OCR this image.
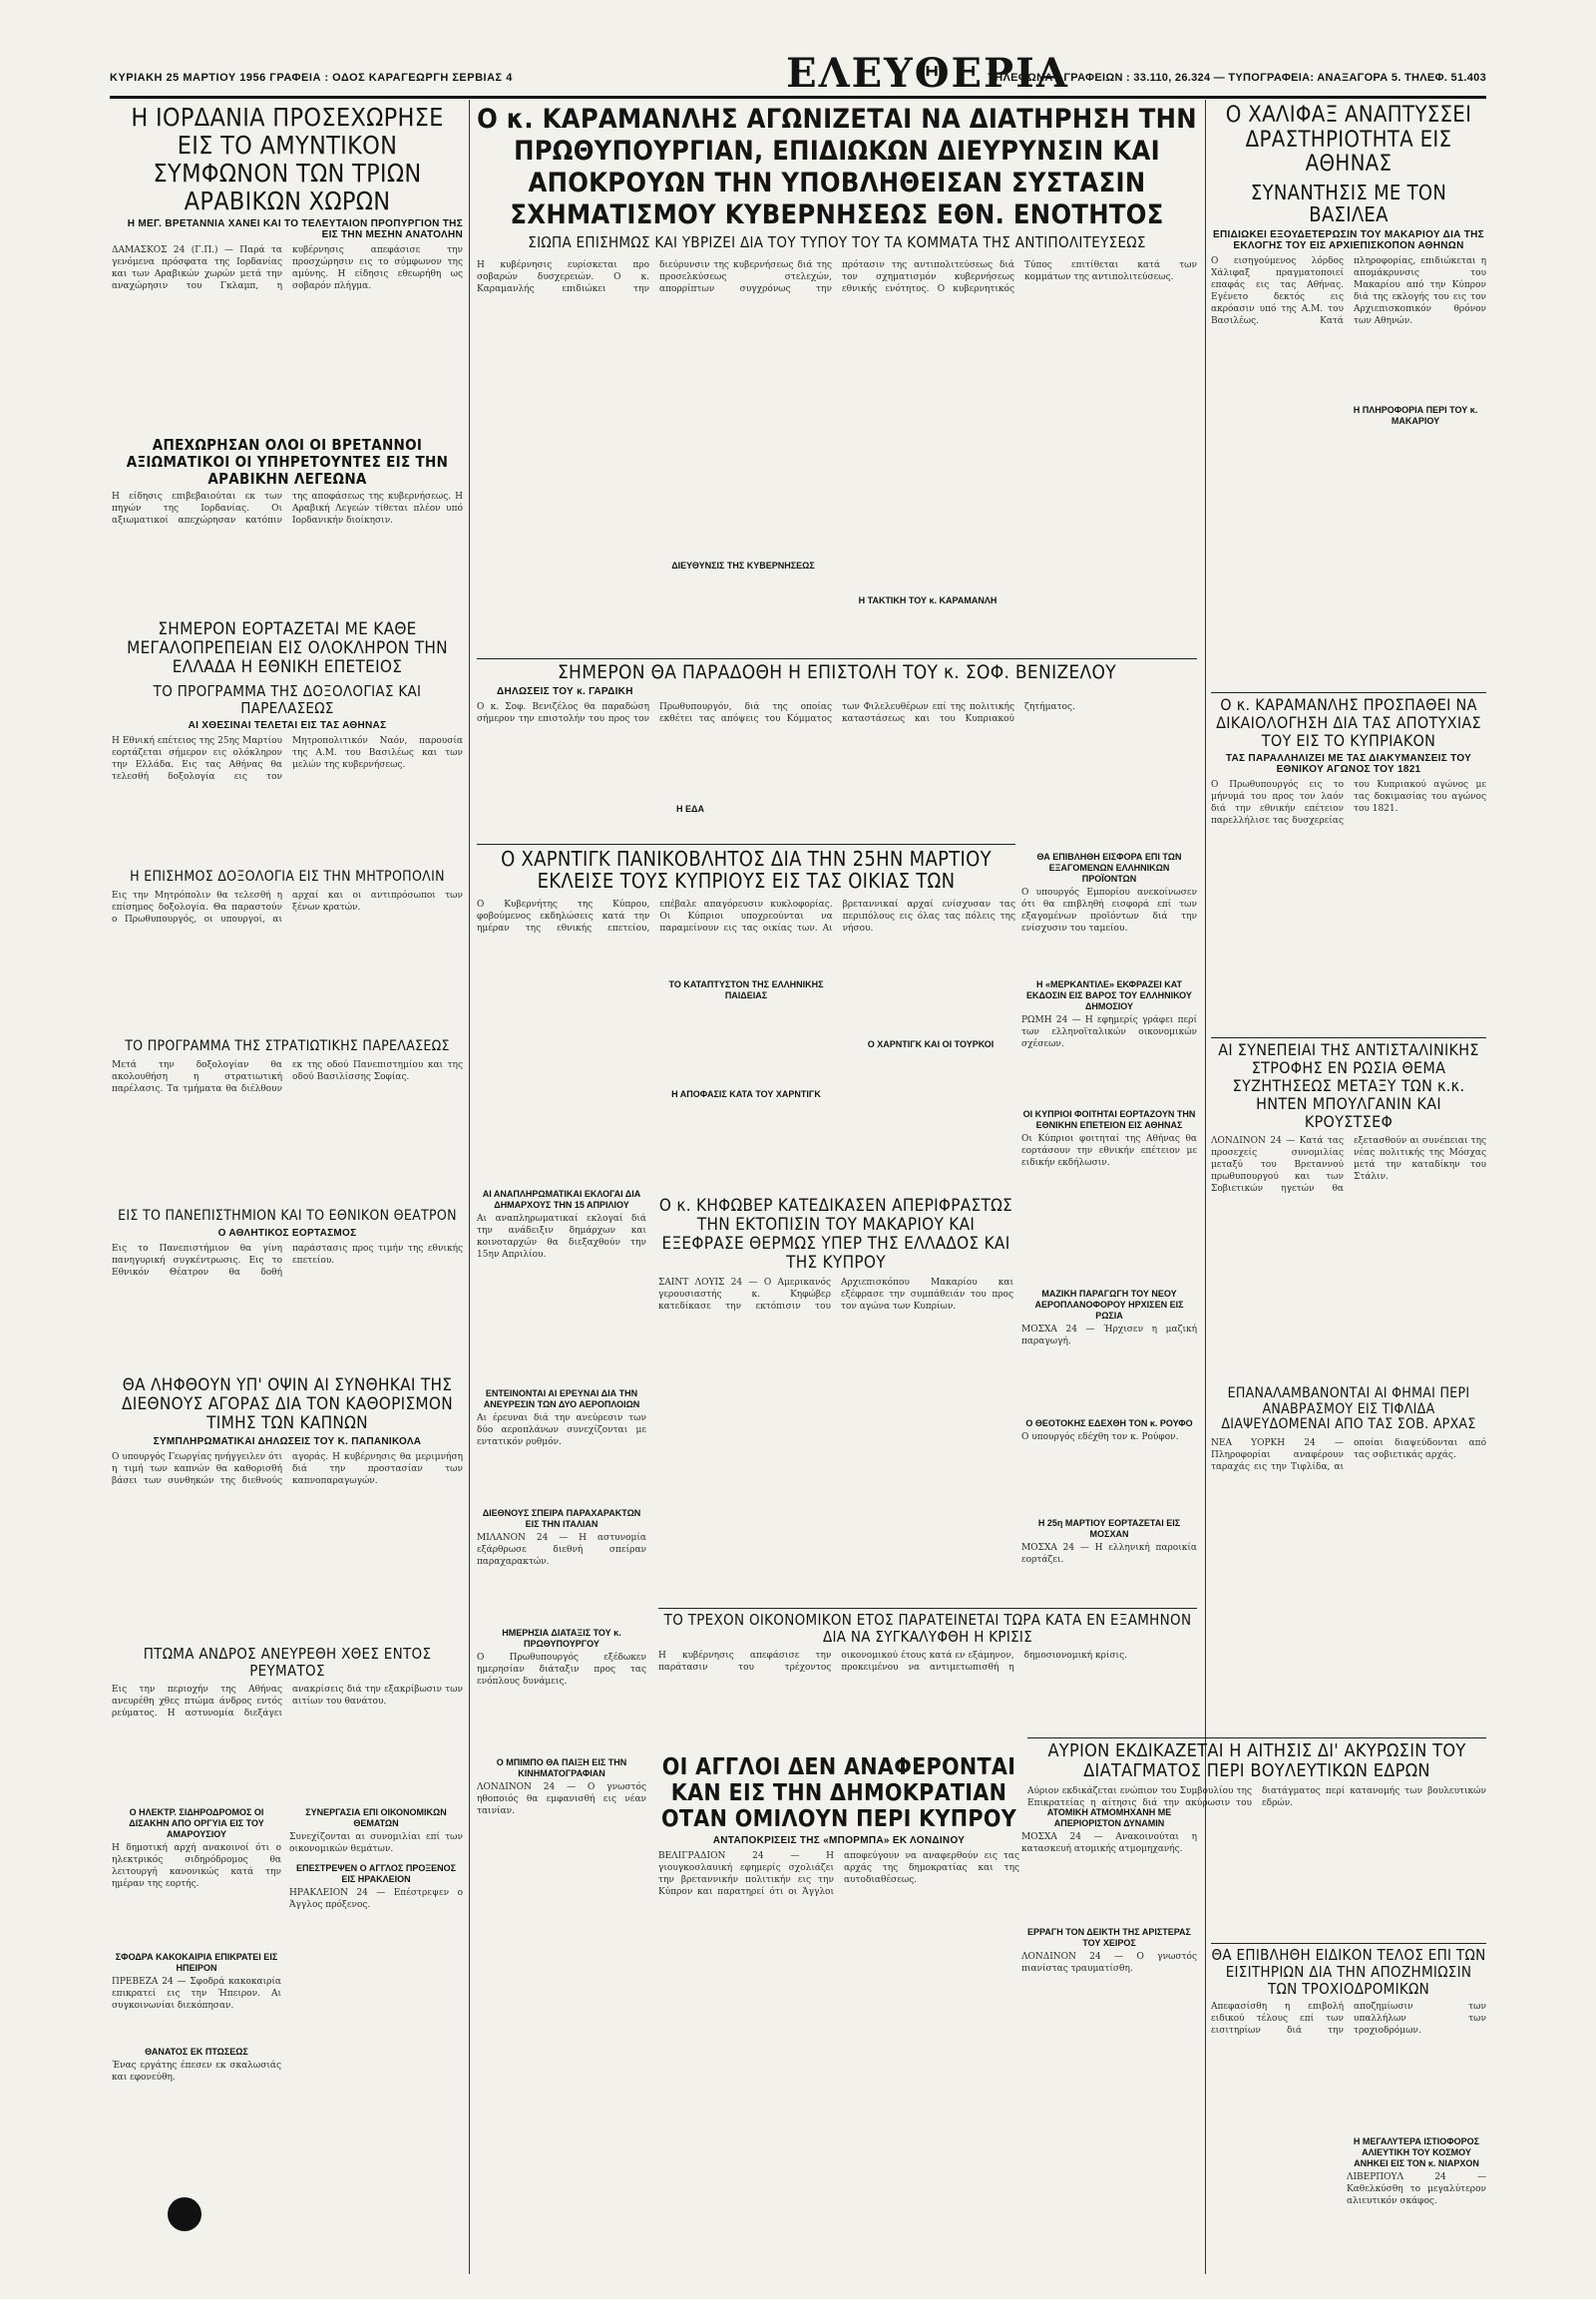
ΚΥΡΙΑΚΗ 25 ΜΑΡΤΙΟΥ 1956 ΓΡΑΦΕΙΑ : ΟΔΟΣ ΚΑΡΑΓΕΩΡΓΗ ΣΕΡΒΙΑΣ 4	ΕΛΕΥΘΕΡΙΑ
ΤΗΛΕΦΩΝΑ : ΓΡΑΦΕΙΩΝ : 33.110, 26.324 — ΤΥΠΟΓΡΑΦΕΙΑ: ΑΝΑΞΑΓΟΡΑ 5. ΤΗΛΕΦ. 51.403
Η ΙΟΡΔΑΝΙΑ ΠΡΟΣΕΧΩΡΗΣΕ ΕΙΣ ΤΟ ΑΜΥΝΤΙΚΟΝ ΣΥΜΦΩΝΟΝ ΤΩΝ ΤΡΙΩΝ ΑΡΑΒΙΚΩΝ ΧΩΡΩΝ
Η ΜΕΓ. ΒΡΕΤΑΝΝΙΑ ΧΑΝΕΙ ΚΑΙ ΤΟ ΤΕΛΕΥΤΑΙΟΝ ΠΡΟΠΥΡΓΙΟΝ ΤΗΣ ΕΙΣ ΤΗΝ ΜΕΣΗΝ ΑΝΑΤΟΛΗΝ

ΔΑΜΑΣΚΟΣ 24 (Γ.Π.) — Παρά τα γενόμενα πρόσφατα της Ιορδανίας και των Αραβικών χωρών μετά την αναχώρησιν του Γκλαμπ, η κυβέρνησις απεφάσισε την προσχώρησιν εις το σύμφωνον της αμύνης. Η είδησις εθεωρήθη ως σοβαρόν πλήγμα.

ΑΠΕΧΩΡΗΣΑΝ ΟΛΟΙ ΟΙ ΒΡΕΤΑΝΝΟΙ ΑΞΙΩΜΑΤΙΚΟΙ ΟΙ ΥΠΗΡΕΤΟΥΝΤΕΣ ΕΙΣ ΤΗΝ ΑΡΑΒΙΚΗΝ ΛΕΓΕΩΝΑ

Η είδησις επιβεβαιούται εκ των πηγών της Ιορδανίας. Οι αξιωματικοί απεχώρησαν κατόπιν της αποφάσεως της κυβερνήσεως. Η Αραβική Λεγεών τίθεται πλέον υπό Ιορδανικήν διοίκησιν.

ΣΗΜΕΡΟΝ ΕΟΡΤΑΖΕΤΑΙ ΜΕ ΚΑΘΕ ΜΕΓΑΛΟΠΡΕΠΕΙΑΝ ΕΙΣ ΟΛΟΚΛΗΡΟΝ ΤΗΝ ΕΛΛΑΔΑ Η ΕΘΝΙΚΗ ΕΠΕΤΕΙΟΣ
ΤΟ ΠΡΟΓΡΑΜΜΑ ΤΗΣ ΔΟΞΟΛΟΓΙΑΣ ΚΑΙ ΠΑΡΕΛΑΣΕΩΣ
ΑΙ ΧΘΕΣΙΝΑΙ ΤΕΛΕΤΑΙ ΕΙΣ ΤΑΣ ΑΘΗΝΑΣ

Η Εθνική επέτειος της 25ης Μαρτίου εορτάζεται σήμερον εις ολόκληρον την Ελλάδα. Εις τας Αθήνας θα τελεσθή δοξολογία εις τον Μητροπολιτικόν Ναόν, παρουσία της Α.Μ. του Βασιλέως και των μελών της κυβερνήσεως.

Η ΕΠΙΣΗΜΟΣ ΔΟΞΟΛΟΓΙΑ ΕΙΣ ΤΗΝ ΜΗΤΡΟΠΟΛΙΝ

Εις την Μητρόπολιν θα τελεσθή η επίσημος δοξολογία. Θα παραστούν ο Πρωθυπουργός, οι υπουργοί, αι αρχαί και οι αντιπρόσωποι των ξένων κρατών.

ΤΟ ΠΡΟΓΡΑΜΜΑ ΤΗΣ ΣΤΡΑΤΙΩΤΙΚΗΣ ΠΑΡΕΛΑΣΕΩΣ

Μετά την δοξολογίαν θα ακολουθήση η στρατιωτική παρέλασις. Τα τμήματα θα διέλθουν εκ της οδού Πανεπιστημίου και της οδού Βασιλίσσης Σοφίας.

ΕΙΣ ΤΟ ΠΑΝΕΠΙΣΤΗΜΙΟΝ ΚΑΙ ΤΟ ΕΘΝΙΚΟΝ ΘΕΑΤΡΟΝ
Ο ΑΘΛΗΤΙΚΟΣ ΕΟΡΤΑΣΜΟΣ

Εις το Πανεπιστήμιον θα γίνη πανηγυρική συγκέντρωσις. Εις το Εθνικόν Θέατρον θα δοθή παράστασις προς τιμήν της εθνικής επετείου.

ΘΑ ΛΗΦΘΟΥΝ ΥΠ' ΟΨΙΝ ΑΙ ΣΥΝΘΗΚΑΙ ΤΗΣ ΔΙΕΘΝΟΥΣ ΑΓΟΡΑΣ ΔΙΑ ΤΟΝ ΚΑΘΟΡΙΣΜΟΝ ΤΙΜΗΣ ΤΩΝ ΚΑΠΝΩΝ
ΣΥΜΠΛΗΡΩΜΑΤΙΚΑΙ ΔΗΛΩΣΕΙΣ ΤΟΥ Κ. ΠΑΠΑΝΙΚΟΛΑ

Ο υπουργός Γεωργίας ηνήγγειλεν ότι η τιμή των καπνών θα καθορισθή βάσει των συνθηκών της διεθνούς αγοράς. Η κυβέρνησις θα μεριμνήση διά την προστασίαν των καπνοπαραγωγών.

ΠΤΩΜΑ ΑΝΔΡΟΣ ΑΝΕΥΡΕΘΗ ΧΘΕΣ ΕΝΤΟΣ ΡΕΥΜΑΤΟΣ

Εις την περιοχήν της Αθήνας ανευρέθη χθες πτώμα άνδρος εντός ρεύματος. Η αστυνομία διεξάγει ανακρίσεις διά την εξακρίβωσιν των αιτίων του θανάτου.

Ο ΗΛΕΚΤΡ. ΣΙΔΗΡΟΔΡΟΜΟΣ ΟΙ ΔΙΣΑΚΗΝ ΑΠΟ ΟΡΓΥΙΑ ΕΙΣ ΤΟΥ ΑΜΑΡΟΥΣΙΟΥ

Η δημοτική αρχή ανακοινοί ότι ο ηλεκτρικός σιδηρόδρομος θα λειτουργή κανονικώς κατά την ημέραν της εορτής.

ΣΥΝΕΡΓΑΣΙΑ ΕΠΙ ΟΙΚΟΝΟΜΙΚΩΝ ΘΕΜΑΤΩΝ

Συνεχίζονται αι συνομιλίαι επί των οικονομικών θεμάτων.

ΕΠΕΣΤΡΕΨΕΝ Ο ΑΓΓΛΟΣ ΠΡΟΞΕΝΟΣ ΕΙΣ ΗΡΑΚΛΕΙΟΝ

ΗΡΑΚΛΕΙΟΝ 24 — Επέστρεψεν ο Άγγλος πρόξενος.

ΣΦΟΔΡΑ ΚΑΚΟΚΑΙΡΙΑ ΕΠΙΚΡΑΤΕΙ ΕΙΣ ΗΠΕΙΡΟΝ

ΠΡΕΒΕΖΑ 24 — Σφοδρά κακοκαιρία επικρατεί εις την Ήπειρον. Αι συγκοινωνίαι διεκόπησαν.

ΘΑΝΑΤΟΣ ΕΚ ΠΤΩΣΕΩΣ

Ένας εργάτης έπεσεν εκ σκαλωσιάς και εφονεύθη.

Ο κ. ΚΑΡΑΜΑΝΛΗΣ ΑΓΩΝΙΖΕΤΑΙ ΝΑ ΔΙΑΤΗΡΗΣΗ ΤΗΝ ΠΡΩΘΥΠΟΥΡΓΙΑΝ, ΕΠΙΔΙΩΚΩΝ ΔΙΕΥΡΥΝΣΙΝ ΚΑΙ ΑΠΟΚΡΟΥΩΝ ΤΗΝ ΥΠΟΒΛΗΘΕΙΣΑΝ ΣΥΣΤΑΣΙΝ ΣΧΗΜΑΤΙΣΜΟΥ ΚΥΒΕΡΝΗΣΕΩΣ ΕΘΝ. ΕΝΟΤΗΤΟΣ
ΣΙΩΠΑ ΕΠΙΣΗΜΩΣ ΚΑΙ ΥΒΡΙΖΕΙ ΔΙΑ ΤΟΥ ΤΥΠΟΥ ΤΟΥ ΤΑ ΚΟΜΜΑΤΑ ΤΗΣ ΑΝΤΙΠΟΛΙΤΕΥΣΕΩΣ

Η κυβέρνησις ευρίσκεται προ σοβαρών δυσχερειών. Ο κ. Καραμανλής επιδιώκει την διεύρυνσιν της κυβερνήσεως διά της προσελκύσεως στελεχών, απορρίπτων συγχρόνως την πρότασιν της αντιπολιτεύσεως διά τον σχηματισμόν κυβερνήσεως εθνικής ενότητος. Ο κυβερνητικός Τύπος επιτίθεται κατά των κομμάτων της αντιπολιτεύσεως.

ΔΙΕΥΘΥΝΣΙΣ ΤΗΣ ΚΥΒΕΡΝΗΣΕΩΣ
Η ΤΑΚΤΙΚΗ ΤΟΥ κ. ΚΑΡΑΜΑΝΛΗ
ΣΗΜΕΡΟΝ ΘΑ ΠΑΡΑΔΟΘΗ Η ΕΠΙΣΤΟΛΗ ΤΟΥ κ. ΣΟΦ. ΒΕΝΙΖΕΛΟΥ
ΔΗΛΩΣΕΙΣ ΤΟΥ κ. ΓΑΡΔΙΚΗ

Ο κ. Σοφ. Βενιζέλος θα παραδώση σήμερον την επιστολήν του προς τον Πρωθυπουργόν, διά της οποίας εκθέτει τας απόψεις του Κόμματος των Φιλελευθέρων επί της πολιτικής καταστάσεως και του Κυπριακού ζητήματος.

Η ΕΔΑ
Ο ΧΑΡΝΤΙΓΚ ΠΑΝΙΚΟΒΛΗΤΟΣ ΔΙΑ ΤΗΝ 25ΗΝ ΜΑΡΤΙΟΥ ΕΚΛΕΙΣΕ ΤΟΥΣ ΚΥΠΡΙΟΥΣ ΕΙΣ ΤΑΣ ΟΙΚΙΑΣ ΤΩΝ

Ο Κυβερνήτης της Κύπρου, φοβούμενος εκδηλώσεις κατά την ημέραν της εθνικής επετείου, επέβαλε απαγόρευσιν κυκλοφορίας. Οι Κύπριοι υποχρεούνται να παραμείνουν εις τας οικίας των. Αι βρεταννικαί αρχαί ενίσχυσαν τας περιπόλους εις όλας τας πόλεις της νήσου.

ΤΟ ΚΑΤΑΠΤΥΣΤΟΝ ΤΗΣ ΕΛΛΗΝΙΚΗΣ ΠΑΙΔΕΙΑΣ
Ο ΧΑΡΝΤΙΓΚ ΚΑΙ ΟΙ ΤΟΥΡΚΟΙ
Η ΑΠΟΦΑΣΙΣ ΚΑΤΑ ΤΟΥ ΧΑΡΝΤΙΓΚ
ΘΑ ΕΠΙΒΛΗΘΗ ΕΙΣΦΟΡΑ ΕΠΙ ΤΩΝ ΕΞΑΓΟΜΕΝΩΝ ΕΛΛΗΝΙΚΩΝ ΠΡΟΪΟΝΤΩΝ

Ο υπουργός Εμπορίου ανεκοίνωσεν ότι θα επιβληθή εισφορά επί των εξαγομένων προϊόντων διά την ενίσχυσιν του ταμείου.

Η «ΜΕΡΚΑΝΤΙΛΕ» ΕΚΦΡΑΖΕΙ ΚΑΤ ΕΚΔΟΣΙΝ ΕΙΣ ΒΑΡΟΣ ΤΟΥ ΕΛΛΗΝΙΚΟΥ ΔΗΜΟΣΙΟΥ

ΡΩΜΗ 24 — Η εφημερίς γράφει περί των ελληνοϊταλικών οικονομικών σχέσεων.

ΟΙ ΚΥΠΡΙΟΙ ΦΟΙΤΗΤΑΙ ΕΟΡΤΑΖΟΥΝ ΤΗΝ ΕΘΝΙΚΗΝ ΕΠΕΤΕΙΟΝ ΕΙΣ ΑΘΗΝΑΣ

Οι Κύπριοι φοιτηταί της Αθήνας θα εορτάσουν την εθνικήν επέτειον με ειδικήν εκδήλωσιν.

ΑΙ ΑΝΑΠΛΗΡΩΜΑΤΙΚΑΙ ΕΚΛΟΓΑΙ ΔΙΑ ΔΗΜΑΡΧΟΥΣ ΤΗΝ 15 ΑΠΡΙΛΙΟΥ

Αι αναπληρωματικαί εκλογαί διά την ανάδειξιν δημάρχων και κοινοταρχών θα διεξαχθούν την 15ην Απριλίου.

Ο κ. ΚΗΦΩΒΕΡ ΚΑΤΕΔΙΚΑΣΕΝ ΑΠΕΡΙΦΡΑΣΤΩΣ ΤΗΝ ΕΚΤΟΠΙΣΙΝ ΤΟΥ ΜΑΚΑΡΙΟΥ ΚΑΙ ΕΞΕΦΡΑΣΕ ΘΕΡΜΩΣ ΥΠΕΡ ΤΗΣ ΕΛΛΑΔΟΣ ΚΑΙ ΤΗΣ ΚΥΠΡΟΥ

ΣΑΙΝΤ ΛΟΥΙΣ 24 — Ο Αμερικανός γερουσιαστής κ. Κηφώβερ κατεδίκασε την εκτόπισιν του Αρχιεπισκόπου Μακαρίου και εξέφρασε την συμπάθειάν του προς τον αγώνα των Κυπρίων.

ΕΝΤΕΙΝΟΝΤΑΙ ΑΙ ΕΡΕΥΝΑΙ ΔΙΑ ΤΗΝ ΑΝΕΥΡΕΣΙΝ ΤΩΝ ΔΥΟ ΑΕΡΟΠΛΟΙΩΝ

Αι έρευναι διά την ανεύρεσιν των δύο αεροπλάνων συνεχίζονται με εντατικόν ρυθμόν.

ΔΙΕΘΝΟΥΣ ΣΠΕΙΡΑ ΠΑΡΑΧΑΡΑΚΤΩΝ ΕΙΣ ΤΗΝ ΙΤΑΛΙΑΝ

ΜΙΛΑΝΟΝ 24 — Η αστυνομία εξάρθρωσε διεθνή σπείραν παραχαρακτών.

ΤΟ ΤΡΕΧΟΝ ΟΙΚΟΝΟΜΙΚΟΝ ΕΤΟΣ ΠΑΡΑΤΕΙΝΕΤΑΙ ΤΩΡΑ ΚΑΤΑ ΕΝ ΕΞΑΜΗΝΟΝ ΔΙΑ ΝΑ ΣΥΓΚΑΛΥΦΘΗ Η ΚΡΙΣΙΣ

Η κυβέρνησις απεφάσισε την παράτασιν του τρέχοντος οικονομικού έτους κατά εν εξάμηνον, προκειμένου να αντιμετωπισθή η δημοσιονομική κρίσις.

ΗΜΕΡΗΣΙΑ ΔΙΑΤΑΞΙΣ ΤΟΥ κ. ΠΡΩΘΥΠΟΥΡΓΟΥ

Ο Πρωθυπουργός εξέδωκεν ημερησίαν διάταξιν προς τας ενόπλους δυνάμεις.

Ο ΜΠΙΜΠΟ ΘΑ ΠΑΙΞΗ ΕΙΣ ΤΗΝ ΚΙΝΗΜΑΤΟΓΡΑΦΙΑΝ

ΛΟΝΔΙΝΟΝ 24 — Ο γνωστός ηθοποιός θα εμφανισθή εις νέαν ταινίαν.

ΟΙ ΑΓΓΛΟΙ ΔΕΝ ΑΝΑΦΕΡΟΝΤΑΙ ΚΑΝ ΕΙΣ ΤΗΝ ΔΗΜΟΚΡΑΤΙΑΝ ΟΤΑΝ ΟΜΙΛΟΥΝ ΠΕΡΙ ΚΥΠΡΟΥ
ΑΝΤΑΠΟΚΡΙΣΕΙΣ ΤΗΣ «ΜΠΟΡΜΠΑ» ΕΚ ΛΟΝΔΙΝΟΥ

ΒΕΛΙΓΡΑΔΙΟΝ 24 — Η γιουγκοσλαυική εφημερίς σχολιάζει την βρεταννικήν πολιτικήν εις την Κύπρον και παρατηρεί ότι οι Άγγλοι αποφεύγουν να αναφερθούν εις τας αρχάς της δημοκρατίας και της αυτοδιαθέσεως.

ΜΑΖΙΚΗ ΠΑΡΑΓΩΓΗ ΤΟΥ ΝΕΟΥ ΑΕΡΟΠΛΑΝΟΦΟΡΟΥ ΗΡΧΙΣΕΝ ΕΙΣ ΡΩΣΙΑ

ΜΟΣΧΑ 24 — Ήρχισεν η μαζική παραγωγή.

Ο ΘΕΟΤΟΚΗΣ ΕΔΕΧΘΗ ΤΟΝ κ. ΡΟΥΦΟ

Ο υπουργός εδέχθη τον κ. Ρούφον.

Η 25η ΜΑΡΤΙΟΥ ΕΟΡΤΑΖΕΤΑΙ ΕΙΣ ΜΟΣΧΑΝ

ΜΟΣΧΑ 24 — Η ελληνική παροικία εορτάζει.

ΑΤΟΜΙΚΗ ΑΤΜΟΜΗΧΑΝΗ ΜΕ ΑΠΕΡΙΟΡΙΣΤΟΝ ΔΥΝΑΜΙΝ

ΜΟΣΧΑ 24 — Ανακοινούται η κατασκευή ατομικής ατμομηχανής.

ΕΡΡΑΓΗ ΤΟΝ ΔΕΙΚΤΗ ΤΗΣ ΑΡΙΣΤΕΡΑΣ ΤΟΥ ΧΕΙΡΟΣ

ΛΟΝΔΙΝΟΝ 24 — Ο γνωστός πιανίστας τραυματίσθη.

Ο ΧΑΛΙΦΑΞ ΑΝΑΠΤΥΣΣΕΙ ΔΡΑΣΤΗΡΙΟΤΗΤΑ ΕΙΣ ΑΘΗΝΑΣ
ΣΥΝΑΝΤΗΣΙΣ ΜΕ ΤΟΝ ΒΑΣΙΛΕΑ
ΕΠΙΔΙΩΚΕΙ ΕΞΟΥΔΕΤΕΡΩΣΙΝ ΤΟΥ ΜΑΚΑΡΙΟΥ ΔΙΑ ΤΗΣ ΕΚΛΟΓΗΣ ΤΟΥ ΕΙΣ ΑΡΧΙΕΠΙΣΚΟΠΟΝ ΑΘΗΝΩΝ

Ο εισηγούμενος λόρδος Χάλιφαξ πραγματοποιεί επαφάς εις τας Αθήνας. Εγένετο δεκτός εις ακρόασιν υπό της Α.Μ. του Βασιλέως. Κατά πληροφορίας, επιδιώκεται η απομάκρυνσις του Μακαρίου από την Κύπρον διά της εκλογής του εις τον Αρχιεπισκοπικόν θρόνον των Αθηνών.

Η ΠΛΗΡΟΦΟΡΙΑ ΠΕΡΙ ΤΟΥ κ. ΜΑΚΑΡΙΟΥ
Ο κ. ΚΑΡΑΜΑΝΛΗΣ ΠΡΟΣΠΑΘΕΙ ΝΑ ΔΙΚΑΙΟΛΟΓΗΣΗ ΔΙΑ ΤΑΣ ΑΠΟΤΥΧΙΑΣ ΤΟΥ ΕΙΣ ΤΟ ΚΥΠΡΙΑΚΟΝ
ΤΑΣ ΠΑΡΑΛΛΗΛΙΖΕΙ ΜΕ ΤΑΣ ΔΙΑΚΥΜΑΝΣΕΙΣ ΤΟΥ ΕΘΝΙΚΟΥ ΑΓΩΝΟΣ ΤΟΥ 1821

Ο Πρωθυπουργός εις το μήνυμά του προς τον λαόν διά την εθνικήν επέτειον παρελλήλισε τας δυσχερείας του Κυπριακού αγώνος με τας δοκιμασίας του αγώνος του 1821.

ΑΙ ΣΥΝΕΠΕΙΑΙ ΤΗΣ ΑΝΤΙΣΤΑΛΙΝΙΚΗΣ ΣΤΡΟΦΗΣ ΕΝ ΡΩΣΙΑ ΘΕΜΑ ΣΥΖΗΤΗΣΕΩΣ ΜΕΤΑΞΥ ΤΩΝ κ.κ. ΗΝΤΕΝ ΜΠΟΥΛΓΑΝΙΝ ΚΑΙ ΚΡΟΥΣΤΣΕΦ

ΛΟΝΔΙΝΟΝ 24 — Κατά τας προσεχείς συνομιλίας μεταξύ του Βρεταννού πρωθυπουργού και των Σοβιετικών ηγετών θα εξετασθούν αι συνέπειαι της νέας πολιτικής της Μόσχας μετά την καταδίκην του Στάλιν.

ΕΠΑΝΑΛΑΜΒΑΝΟΝΤΑΙ ΑΙ ΦΗΜΑΙ ΠΕΡΙ ΑΝΑΒΡΑΣΜΟΥ ΕΙΣ ΤΙΦΛΙΔΑ ΔΙΑΨΕΥΔΟΜΕΝΑΙ ΑΠΟ ΤΑΣ ΣΟΒ. ΑΡΧΑΣ

ΝΕΑ ΥΟΡΚΗ 24 — Πληροφορίαι αναφέρουν ταραχάς εις την Τιφλίδα, αι οποίαι διαψεύδονται από τας σοβιετικάς αρχάς.

ΑΥΡΙΟΝ ΕΚΔΙΚΑΖΕΤΑΙ Η ΑΙΤΗΣΙΣ ΔΙ' ΑΚΥΡΩΣΙΝ ΤΟΥ ΔΙΑΤΑΓΜΑΤΟΣ ΠΕΡΙ ΒΟΥΛΕΥΤΙΚΩΝ ΕΔΡΩΝ

Αύριον εκδικάζεται ενώπιον του Συμβουλίου της Επικρατείας η αίτησις διά την ακύρωσιν του διατάγματος περί κατανομής των βουλευτικών εδρών.

ΘΑ ΕΠΙΒΛΗΘΗ ΕΙΔΙΚΟΝ ΤΕΛΟΣ ΕΠΙ ΤΩΝ ΕΙΣΙΤΗΡΙΩΝ ΔΙΑ ΤΗΝ ΑΠΟΖΗΜΙΩΣΙΝ ΤΩΝ ΤΡΟΧΙΟΔΡΟΜΙΚΩΝ

Απεφασίσθη η επιβολή ειδικού τέλους επί των εισιτηρίων διά την αποζημίωσιν των υπαλλήλων των τροχιοδρόμων.

Η ΜΕΓΑΛΥΤΕΡΑ ΙΣΤΙΟΦΟΡΟΣ ΑΛΙΕΥΤΙΚΗ ΤΟΥ ΚΟΣΜΟΥ ΑΝΗΚΕΙ ΕΙΣ ΤΟΝ κ. ΝΙΑΡΧΟΝ

ΛΙΒΕΡΠΟΥΛ 24 — Καθελκύσθη το μεγαλύτερον αλιευτικόν σκάφος.
